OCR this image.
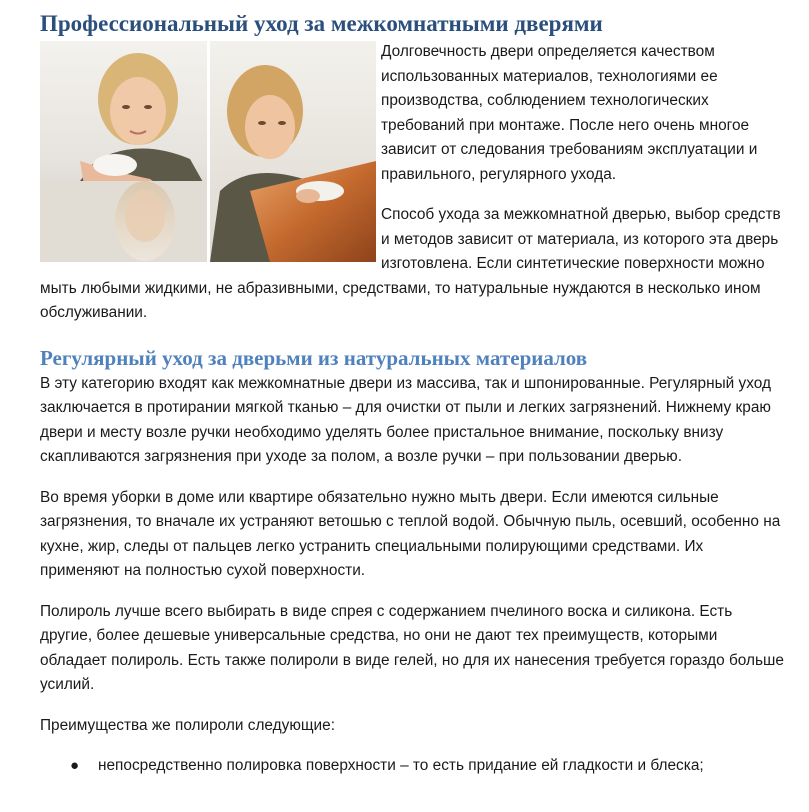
Профессиональный уход за межкомнатными дверями

Долговечность двери определяется качеством использованных материалов, технологиями ее производства, соблюдением технологических требований при монтаже. После него очень многое зависит от следования требованиям эксплуатации и правильного, регулярного ухода.

Способ ухода за межкомнатной дверью, выбор средств и методов зависит от материала, из которого эта дверь изготовлена. Если синтетические поверхности можно мыть любыми жидкими, не абразивными, средствами, то натуральные нуждаются в несколько ином обслуживании.

Регулярный уход за дверьми из натуральных материалов

В эту категорию входят как межкомнатные двери из массива, так и шпонированные. Регулярный уход заключается в протирании мягкой тканью – для очистки от пыли и легких загрязнений. Нижнему краю двери и месту возле ручки необходимо уделять более пристальное внимание, поскольку внизу скапливаются загрязнения при уходе за полом, а возле ручки – при пользовании дверью.

Во время уборки в доме или квартире обязательно нужно мыть двери. Если имеются сильные загрязнения, то вначале их устраняют ветошью с теплой водой. Обычную пыль, осевший, особенно на кухне, жир, следы от пальцев легко устранить специальными полирующими средствами. Их применяют на полностью сухой поверхности.

Полироль лучше всего выбирать в виде спрея с содержанием пчелиного воска и силикона. Есть другие, более дешевые универсальные средства, но они не дают тех преимуществ, которыми обладает полироль. Есть также полироли в виде гелей, но для их нанесения требуется гораздо больше усилий.

Преимущества же полироли следующие:

● непосредственно полировка поверхности – то есть придание ей гладкости и блеска;
